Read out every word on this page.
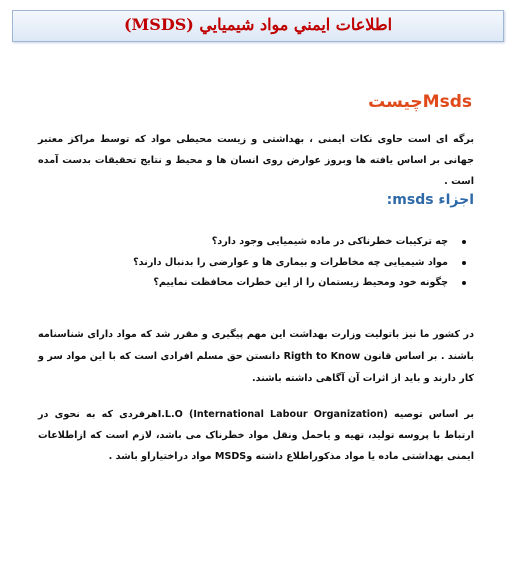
اطلاعات ايمني مواد شيميايي (MSDS)
Msdsچیست
برگه ای است حاوی نکات ایمنی ، بهداشتی و زیست محیطی مواد که توسط مراکز معتبر جهانی بر اساس یافته ها وبروز عوارض روی انسان ها و محیط و نتایج تحقیقات بدست آمده است .
اجزاء msds:
چه ترکیبات خطرناکی در ماده شیمیایی وجود دارد؟
مواد شیمیایی چه مخاطرات و بیماری ها و عوارضی را بدنبال دارند؟
چگونه خود ومحیط زیستمان را از این خطرات محافظت نماییم؟
در کشور ما نیز باتولیت وزارت بهداشت این مهم پیگیری و مقرر شد که مواد دارای شناسنامه باشند . بر اساس قانون Rigth to Know دانستن حق مسلم افرادی است که با این مواد سر و کار دارند و باید از اثرات آن آگاهی داشته باشند.
بر اساس توصیه I.L.O (International Labour Organization)هرفردی که به نحوی در ارتباط با پروسه تولید، تهیه و یاحمل ونقل مواد خطرناک می باشد، لازم است که ازاطلاعات ایمنی بهداشتی ماده یا مواد مذکوراطلاع داشته وMSDS مواد دراختیاراو باشد .
